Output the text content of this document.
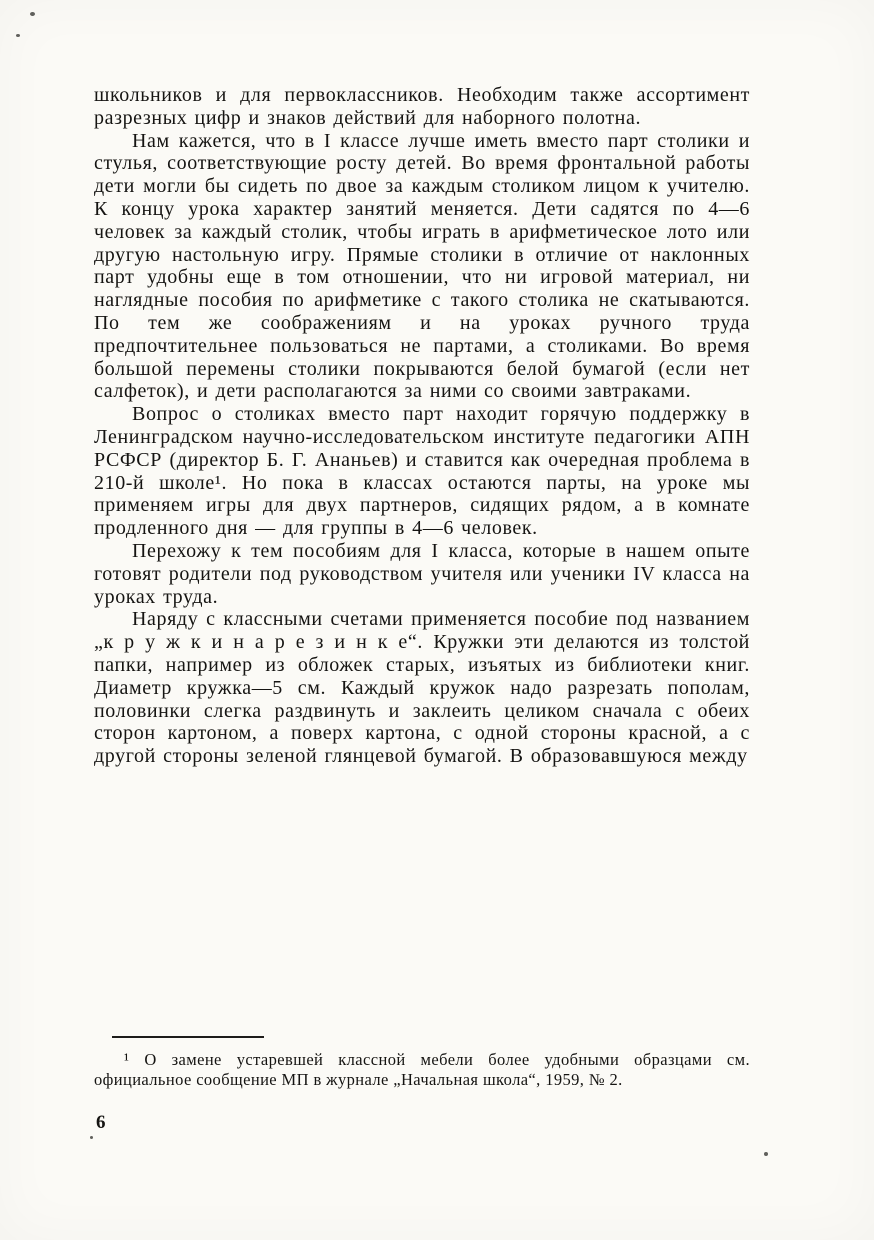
школьников и для первоклассников. Необходим также ассортимент разрезных цифр и знаков действий для наборного полотна.

Нам кажется, что в I классе лучше иметь вместо парт столики и стулья, соответствующие росту детей. Во время фронтальной работы дети могли бы сидеть по двое за каждым столиком лицом к учителю. К концу урока характер занятий меняется. Дети садятся по 4—6 человек за каждый столик, чтобы играть в арифметическое лото или другую настольную игру. Прямые столики в отличие от наклонных парт удобны еще в том отношении, что ни игровой материал, ни наглядные пособия по арифметике с такого столика не скатываются. По тем же соображениям и на уроках ручного труда предпочтительнее пользоваться не партами, а столиками. Во время большой перемены столики покрываются белой бумагой (если нет салфеток), и дети располагаются за ними со своими завтраками.

Вопрос о столиках вместо парт находит горячую поддержку в Ленинградском научно-исследовательском институте педагогики АПН РСФСР (директор Б. Г. Ананьев) и ставится как очередная проблема в 210-й школе¹. Но пока в классах остаются парты, на уроке мы применяем игры для двух партнеров, сидящих рядом, а в комнате продленного дня — для группы в 4—6 человек.

Перехожу к тем пособиям для I класса, которые в нашем опыте готовят родители под руководством учителя или ученики IV класса на уроках труда.

Наряду с классными счетами применяется пособие под названием „к р у ж к и н а р е з и н к е“. Кружки эти делаются из толстой папки, например из обложек старых, изъятых из библиотеки книг. Диаметр кружка—5 см. Каждый кружок надо разрезать пополам, половинки слегка раздвинуть и заклеить целиком сначала с обеих сторон картоном, а поверх картона, с одной стороны красной, а с другой стороны зеленой глянцевой бумагой. В образовавшуюся между

¹ О замене устаревшей классной мебели более удобными образцами см. официальное сообщение МП в журнале „Начальная школа“, 1959, № 2.
6
